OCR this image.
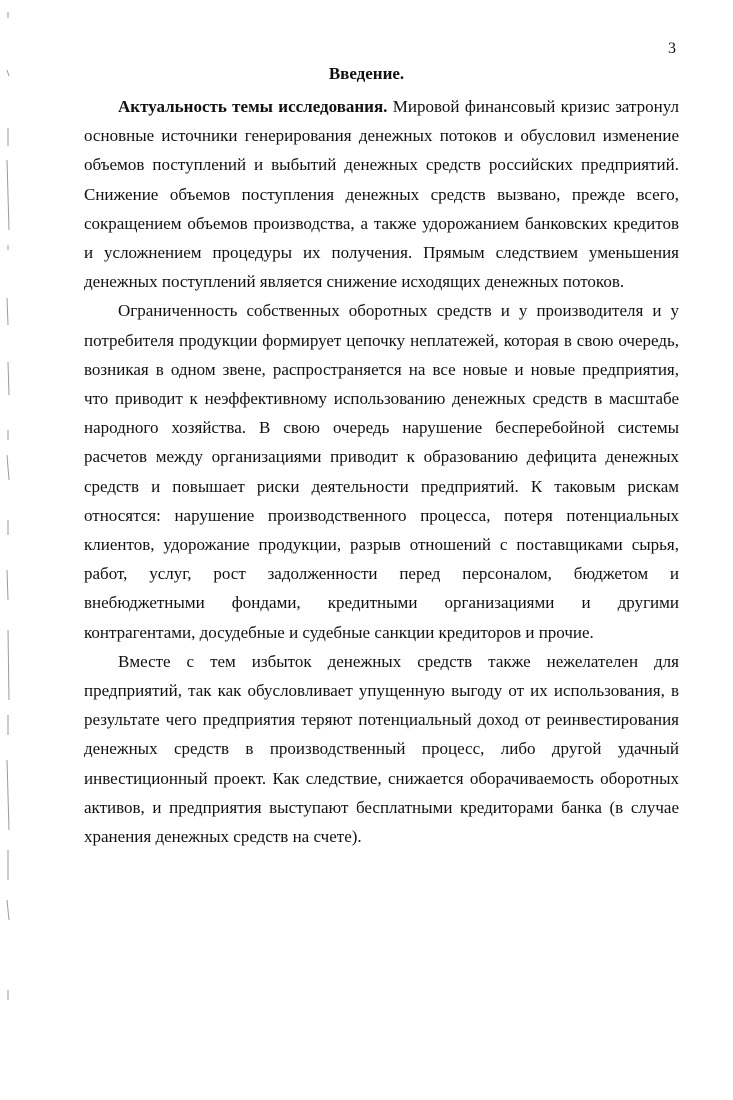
3
Введение.

Актуальность темы исследования. Мировой финансовый кризис затронул основные источники генерирования денежных потоков и обусловил изменение объемов поступлений и выбытий денежных средств российских предприятий. Снижение объемов поступления денежных средств вызвано, прежде всего, сокращением объемов производства, а также удорожанием банковских кредитов и усложнением процедуры их получения. Прямым следствием уменьшения денежных поступлений является снижение исходящих денежных потоков.

Ограниченность собственных оборотных средств и у производителя и у потребителя продукции формирует цепочку неплатежей, которая в свою очередь, возникая в одном звене, распространяется на все новые и новые предприятия, что приводит к неэффективному использованию денежных средств в масштабе народного хозяйства. В свою очередь нарушение бесперебойной системы расчетов между организациями приводит к образованию дефицита денежных средств и повышает риски деятельности предприятий. К таковым рискам относятся: нарушение производственного процесса, потеря потенциальных клиентов, удорожание продукции, разрыв отношений с поставщиками сырья, работ, услуг, рост задолженности перед персоналом, бюджетом и внебюджетными фондами, кредитными организациями и другими контрагентами, досудебные и судебные санкции кредиторов и прочие.

Вместе с тем избыток денежных средств также нежелателен для предприятий, так как обусловливает упущенную выгоду от их использования, в результате чего предприятия теряют потенциальный доход от реинвестирования денежных средств в производственный процесс, либо другой удачный инвестиционный проект. Как следствие, снижается оборачиваемость оборотных активов, и предприятия выступают бесплатными кредиторами банка (в случае хранения денежных средств на счете).
